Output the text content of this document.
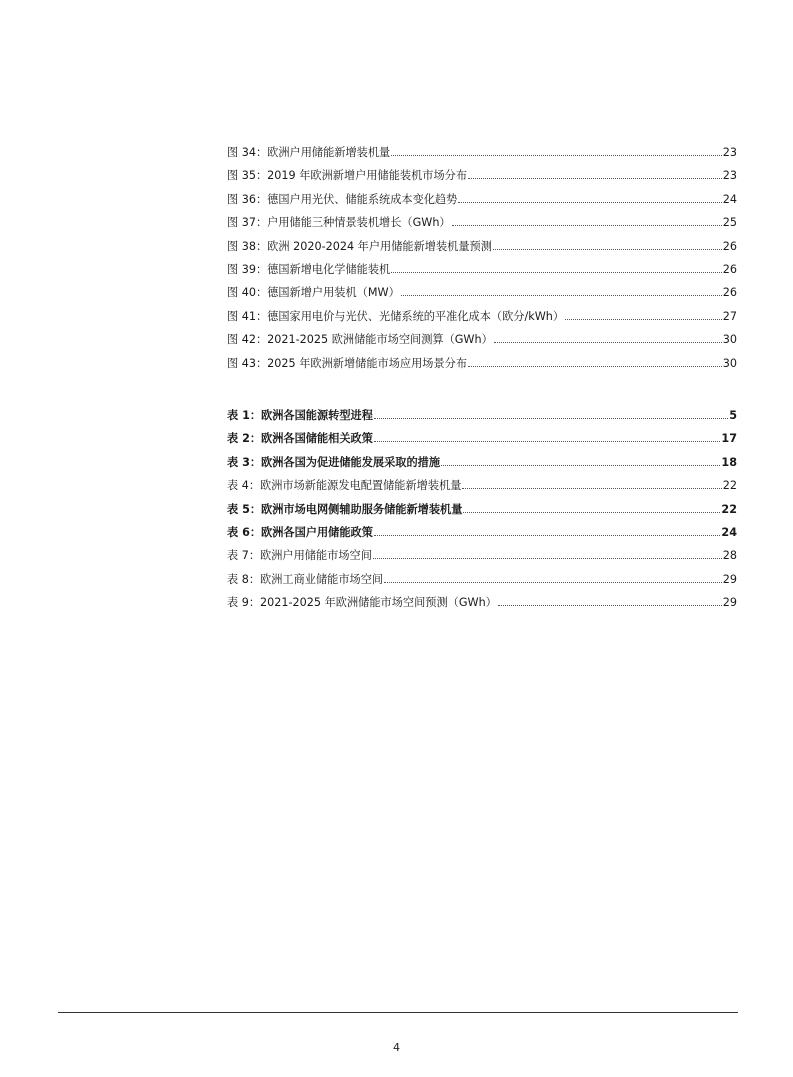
图 34：欧洲户用储能新增装机量	23
图 35：2019 年欧洲新增户用储能装机市场分布	23
图 36：德国户用光伏、储能系统成本变化趋势	24
图 37：户用储能三种情景装机增长（GWh）	25
图 38：欧洲 2020-2024 年户用储能新增装机量预测	26
图 39：德国新增电化学储能装机	26
图 40：德国新增户用装机（MW）	26
图 41：德国家用电价与光伏、光储系统的平准化成本（欧分/kWh）	27
图 42：2021-2025 欧洲储能市场空间测算（GWh）	30
图 43：2025 年欧洲新增储能市场应用场景分布	30
表 1：欧洲各国能源转型进程	5
表 2：欧洲各国储能相关政策	17
表 3：欧洲各国为促进储能发展采取的措施	18
表 4：欧洲市场新能源发电配置储能新增装机量	22
表 5：欧洲市场电网侧辅助服务储能新增装机量	22
表 6：欧洲各国户用储能政策	24
表 7：欧洲户用储能市场空间	28
表 8：欧洲工商业储能市场空间	29
表 9：2021-2025 年欧洲储能市场空间预测（GWh）	29
4
